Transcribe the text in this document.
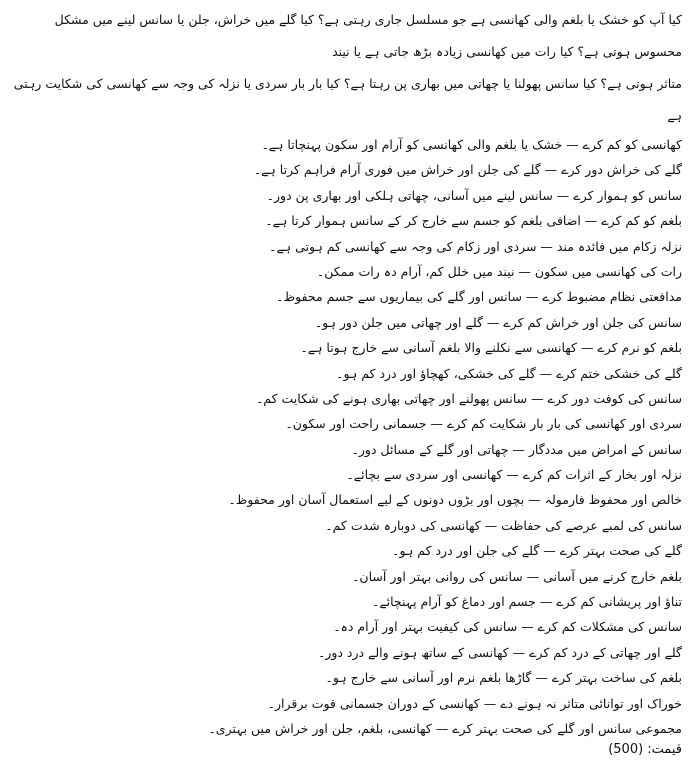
کیا آپ کو خشک یا بلغم والی کھانسی ہے جو مسلسل جاری رہتی ہے؟ کیا گلے میں خراش، جلن یا سانس لینے میں مشکل محسوس ہوتی ہے؟ کیا رات میں کھانسی زیادہ بڑھ جاتی ہے یا نیند
متاثر ہوتی ہے؟ کیا سانس پھولنا یا چھاتی میں بھاری پن رہتا ہے؟ کیا بار بار سردی یا نزلہ کی وجہ سے کھانسی کی شکایت رہتی ہے
کھانسی کو کم کرے — خشک یا بلغم والی کھانسی کو آرام اور سکون پہنچاتا ہے۔
گلے کی خراش دور کرے — گلے کی جلن اور خراش میں فوری آرام فراہم کرتا ہے۔
سانس کو ہموار کرے — سانس لینے میں آسانی، چھاتی ہلکی اور بھاری پن دور۔
بلغم کو کم کرے — اضافی بلغم کو جسم سے خارج کر کے سانس ہموار کرتا ہے۔
نزلہ زکام میں فائدہ مند — سردی اور زکام کی وجہ سے کھانسی کم ہوتی ہے۔
رات کی کھانسی میں سکون — نیند میں خلل کم، آرام دہ رات ممکن۔
مدافعتی نظام مضبوط کرے — سانس اور گلے کی بیماریوں سے جسم محفوظ۔
سانس کی جلن اور خراش کم کرے — گلے اور چھاتی میں جلن دور ہو۔
بلغم کو نرم کرے — کھانسی سے نکلنے والا بلغم آسانی سے خارج ہوتا ہے۔
گلے کی خشکی ختم کرے — گلے کی خشکی، کھچاؤ اور درد کم ہو۔
سانس کی کوفت دور کرے — سانس پھولنے اور چھاتی بھاری ہونے کی شکایت کم۔
سردی اور کھانسی کی بار بار شکایت کم کرے — جسمانی راحت اور سکون۔
سانس کے امراض میں مددگار — چھاتی اور گلے کے مسائل دور۔
نزلہ اور بخار کے اثرات کم کرے — کھانسی اور سردی سے بچائے۔
خالص اور محفوظ فارمولہ — بچوں اور بڑوں دونوں کے لیے استعمال آسان اور محفوظ۔
سانس کی لمبے عرصے کی حفاظت — کھانسی کی دوبارہ شدت کم۔
گلے کی صحت بہتر کرے — گلے کی جلن اور درد کم ہو۔
بلغم خارج کرنے میں آسانی — سانس کی روانی بہتر اور آسان۔
تناؤ اور پریشانی کم کرے — جسم اور دماغ کو آرام پہنچائے۔
سانس کی مشکلات کم کرے — سانس کی کیفیت بہتر اور آرام دہ۔
گلے اور چھاتی کے درد کم کرے — کھانسی کے ساتھ ہونے والے درد دور۔
بلغم کی ساخت بہتر کرے — گاڑھا بلغم نرم اور آسانی سے خارج ہو۔
خوراک اور توانائی متاثر نہ ہونے دے — کھانسی کے دوران جسمانی قوت برقرار۔
مجموعی سانس اور گلے کی صحت بہتر کرے — کھانسی، بلغم، جلن اور خراش میں بہتری۔
قیمت:(500)
